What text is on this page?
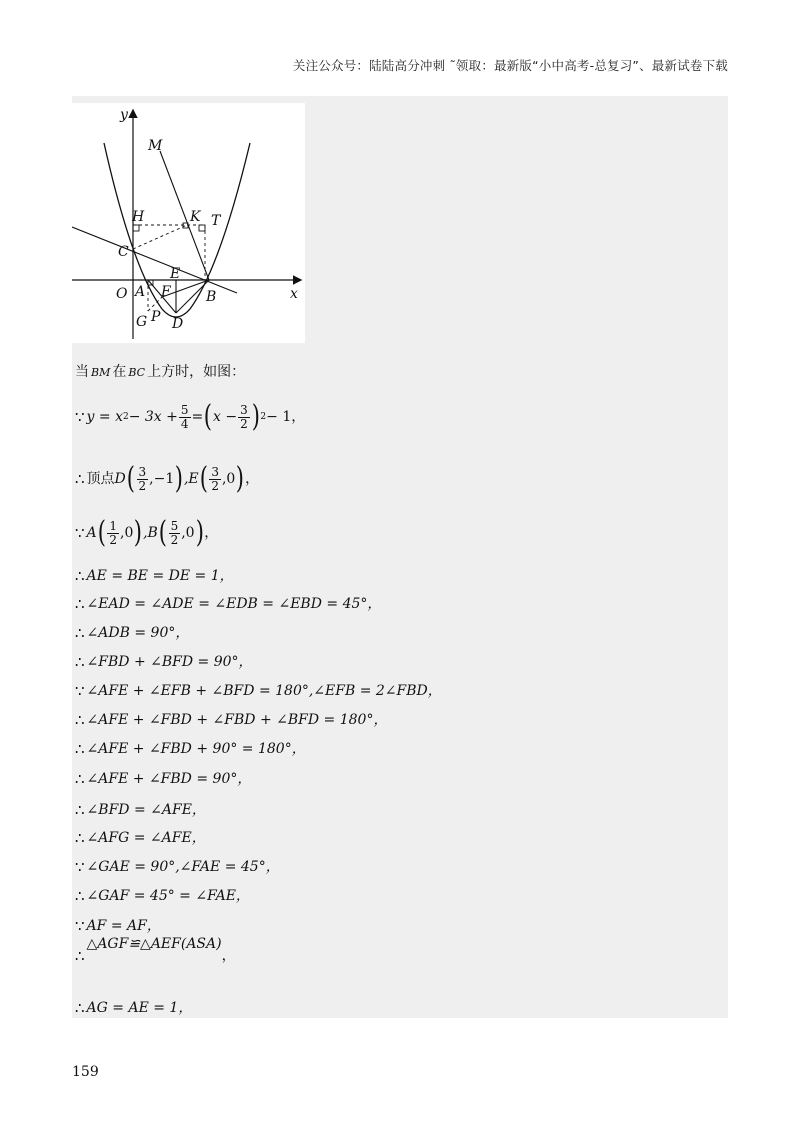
关注公众号：陆陆高分冲刺 ˜领取：最新版“小中高考-总复习”、最新试卷下载
y
x
M
H	K T
C
E
O A F	B
G P D
当 BM 在 BC 上方时，如图：
∵ y = x $2 - 3x + \frac{5}{4}$ = ( $x - \frac{3}{2}$ ) 2 − 1 ，
∴ 顶点 D ( $\frac{3}{2} ,-1$ ) ,E ( $\frac{3}{2} ,0$ ) ，
∵ A ( $\frac{1}{2} ,0$ ) ,B ( $\frac{5}{2} ,0$ ) ，
∴ AE = BE = DE = 1，
∴ ∠EAD = ∠ADE = ∠EDB = ∠EBD = 45°，
∴ ∠ADB = 90°，
∴ ∠FBD + ∠BFD = 90°，
∵ ∠AFE + ∠EFB + ∠BFD = 180°,∠EFB = 2∠FBD，
∴ ∠AFE + ∠FBD + ∠FBD + ∠BFD = 180°，
∴ ∠AFE + ∠FBD + 90° = 180°，
∴ ∠AFE + ∠FBD = 90°，
∴ ∠BFD = ∠AFE，
∴ ∠AFG = ∠AFE，
∵ ∠GAE = 90°,∠FAE = 45°，
∴ ∠GAF = 45° = ∠FAE，
∵ AF = AF，
∴
△AGF≌△AEF(ASA)
，
∴ AG = AE = 1，
159
